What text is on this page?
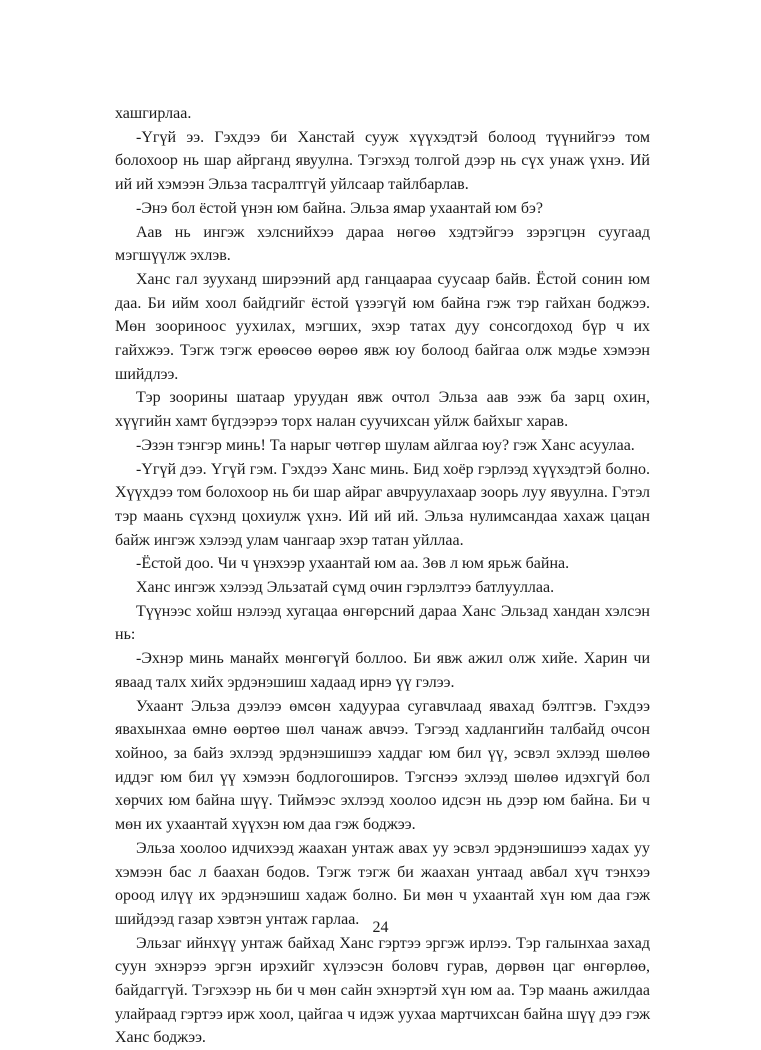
хашгирлаа.

-Үгүй ээ. Гэхдээ би Ханстай сууж хүүхэдтэй болоод түүнийгээ том болохоор нь шар айрганд явуулна. Тэгэхэд толгой дээр нь сүх унаж үхнэ. Ий ий ий хэмээн Эльза тасралтгүй уйлсаар тайлбарлав.

-Энэ бол ёстой үнэн юм байна. Эльза ямар ухаантай юм бэ?

Аав нь ингэж хэлснийхээ дараа нөгөө хэдтэйгээ зэрэгцэн суугаад мэгшүүлж эхлэв.

Ханс гал зууханд ширээний ард ганцаараа суусаар байв. Ёстой сонин юм даа. Би ийм хоол байдгийг ёстой үзээгүй юм байна гэж тэр гайхан боджээ. Мөн зоориноос уухилах, мэгших, эхэр татах дуу сонсогдоход бүр ч их гайхжээ. Тэгж тэгж ерөөсөө өөрөө явж юу болоод байгаа олж мэдье хэмээн шийдлээ.

Тэр зоорины шатаар уруудан явж очтол Эльза аав ээж ба зарц охин, хүүгийн хамт бүгдээрээ торх налан суучихсан уйлж байхыг харав.

-Эзэн тэнгэр минь! Та нарыг чөтгөр шулам айлгаа юу? гэж Ханс асуулаа.

-Үгүй дээ. Үгүй гэм. Гэхдээ Ханс минь. Бид хоёр гэрлээд хүүхэдтэй болно. Хүүхдээ том болохоор нь би шар айраг авчруулахаар зоорь луу явуулна. Гэтэл тэр маань сүхэнд цохиулж үхнэ. Ий ий ий. Эльза нулимсандаа хахаж цацан байж ингэж хэлээд улам чангаар эхэр татан уйллаа.

-Ёстой доо. Чи ч үнэхээр ухаантай юм аа. Зөв л юм ярьж байна.

Ханс ингэж хэлээд Эльзатай сүмд очин гэрлэлтээ батлууллаа.

Түүнээс хойш нэлээд хугацаа өнгөрсний дараа Ханс Эльзад хандан хэлсэн нь:

-Эхнэр минь манайх мөнгөгүй боллоо. Би явж ажил олж хийе. Харин чи яваад талх хийх эрдэнэшиш хадаад ирнэ үү гэлээ.

Ухаант Эльза дээлээ өмсөн хадуураа сугавчлаад явахад бэлтгэв. Гэхдээ явахынхаа өмнө өөртөө шөл чанаж авчээ. Тэгээд хадлангийн талбайд очсон хойноо, за байз эхлээд эрдэнэшишээ хаддаг юм бил үү, эсвэл эхлээд шөлөө иддэг юм бил үү хэмээн бодлогоширов. Тэгснээ эхлээд шөлөө идэхгүй бол хөрчих юм байна шүү. Тиймээс эхлээд хоолоо идсэн нь дээр юм байна. Би ч мөн их ухаантай хүүхэн юм даа гэж боджээ.

Эльза хоолоо идчихээд жаахан унтаж авах уу эсвэл эрдэнэшишээ хадах уу хэмээн бас л баахан бодов. Тэгж тэгж би жаахан унтаад авбал хүч тэнхээ ороод илүү их эрдэнэшиш хадаж болно. Би мөн ч ухаантай хүн юм даа гэж шийдээд газар хэвтэн унтаж гарлаа.

Эльзаг ийнхүү унтаж байхад Ханс гэртээ эргэж ирлээ. Тэр галынхаа захад суун эхнэрээ эргэн ирэхийг хүлээсэн боловч гурав, дөрвөн цаг өнгөрлөө, байдаггүй. Тэгэхээр нь би ч мөн сайн эхнэртэй хүн юм аа. Тэр маань ажилдаа улайраад гэртээ ирж хоол, цайгаа ч идэж уухаа мартчихсан байна шүү дээ гэж Ханс боджээ.

24
